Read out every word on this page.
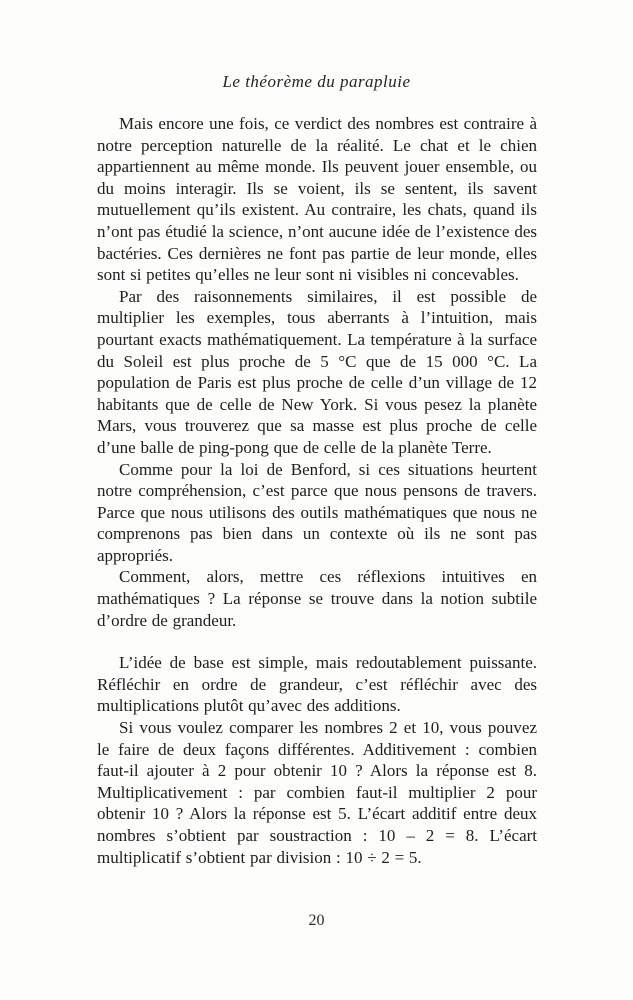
Le théorème du parapluie

Mais encore une fois, ce verdict des nombres est contraire à notre perception naturelle de la réalité. Le chat et le chien appartiennent au même monde. Ils peuvent jouer ensemble, ou du moins interagir. Ils se voient, ils se sentent, ils savent mutuellement qu’ils existent. Au contraire, les chats, quand ils n’ont pas étudié la science, n’ont aucune idée de l’existence des bactéries. Ces dernières ne font pas partie de leur monde, elles sont si petites qu’elles ne leur sont ni visibles ni concevables.

Par des raisonnements similaires, il est possible de multiplier les exemples, tous aberrants à l’intuition, mais pourtant exacts mathématiquement. La température à la surface du Soleil est plus proche de 5 °C que de 15 000 °C. La population de Paris est plus proche de celle d’un village de 12 habitants que de celle de New York. Si vous pesez la planète Mars, vous trouverez que sa masse est plus proche de celle d’une balle de ping-pong que de celle de la planète Terre.

Comme pour la loi de Benford, si ces situations heurtent notre compréhension, c’est parce que nous pensons de travers. Parce que nous utilisons des outils mathématiques que nous ne comprenons pas bien dans un contexte où ils ne sont pas appropriés.

Comment, alors, mettre ces réflexions intuitives en mathématiques ? La réponse se trouve dans la notion subtile d’ordre de grandeur.

L’idée de base est simple, mais redoutablement puissante. Réfléchir en ordre de grandeur, c’est réfléchir avec des multiplications plutôt qu’avec des additions.

Si vous voulez comparer les nombres 2 et 10, vous pouvez le faire de deux façons différentes. Additivement : combien faut-il ajouter à 2 pour obtenir 10 ? Alors la réponse est 8. Multiplicativement : par combien faut-il multiplier 2 pour obtenir 10 ? Alors la réponse est 5. L’écart additif entre deux nombres s’obtient par soustraction : 10 – 2 = 8. L’écart multiplicatif s’obtient par division : 10 ÷ 2 = 5.

20
